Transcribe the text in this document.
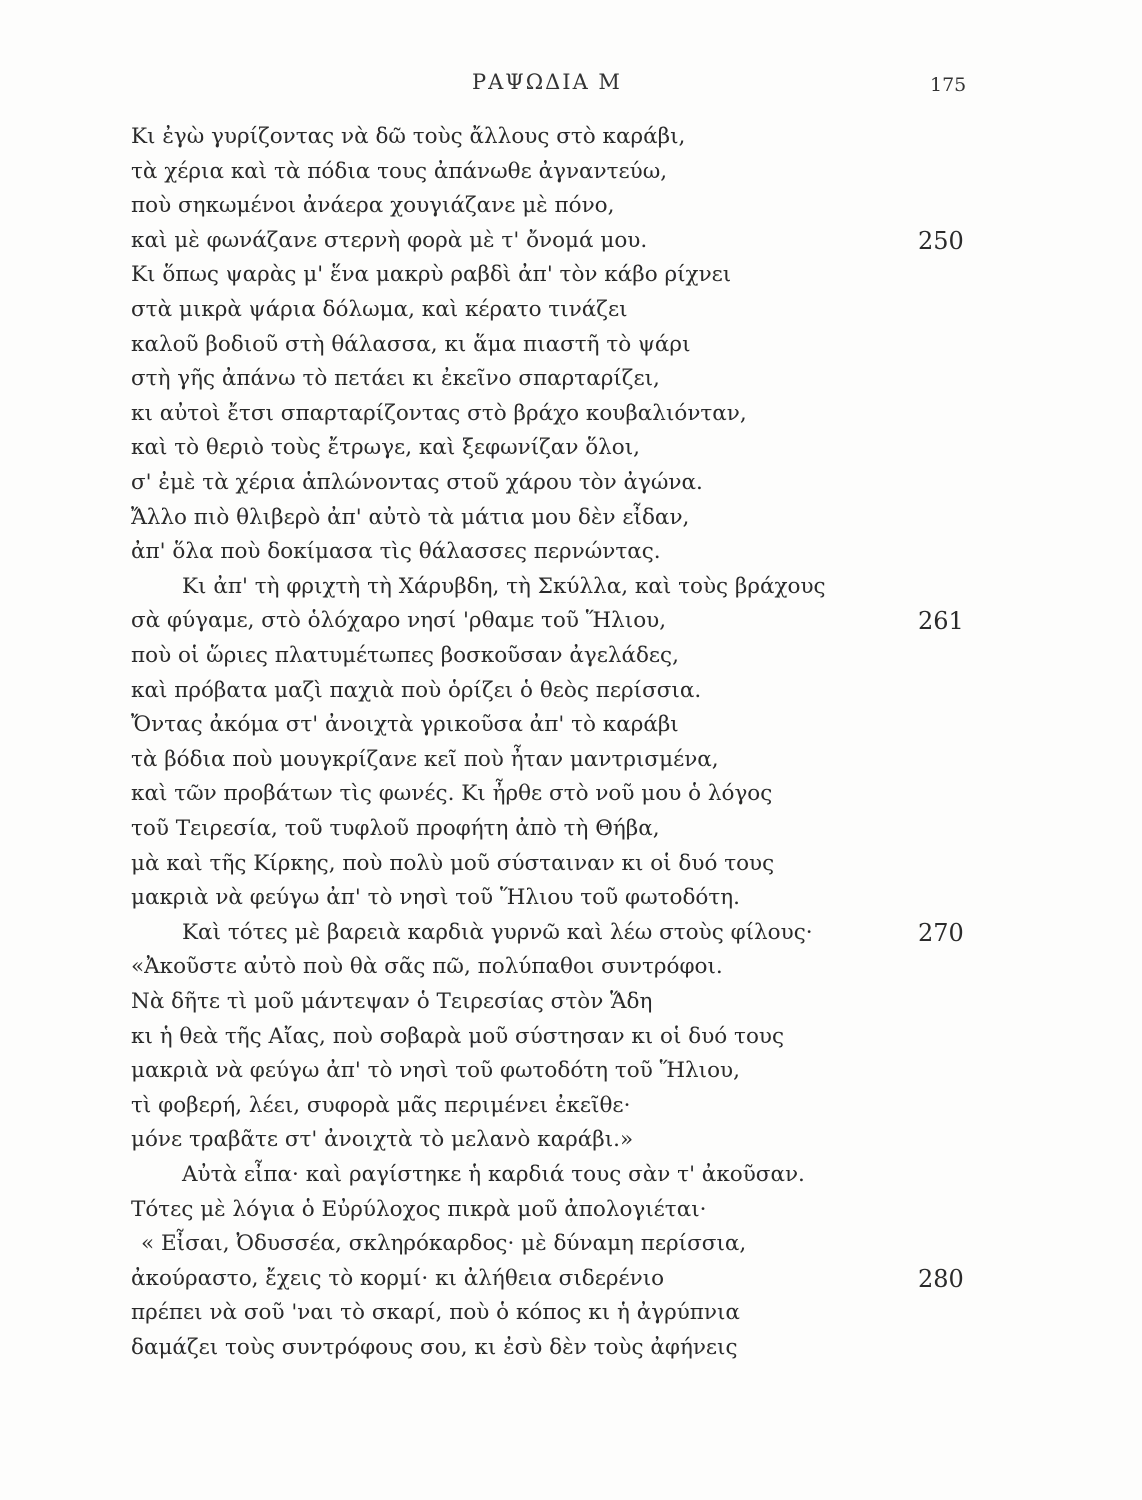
ΡΑΨΩΔΙΑ Μ	175
Κι ἐγὼ γυρίζοντας νὰ δῶ τοὺς ἄλλους στὸ καράβι,
τὰ χέρια καὶ τὰ πόδια τους ἀπάνωθε ἀγναντεύω,
ποὺ σηκωμένοι ἀνάερα χουγιάζανε μὲ πόνο,
καὶ μὲ φωνάζανε στερνὴ φορὰ μὲ τ' ὄνομά μου.	250
Κι ὅπως ψαρὰς μ' ἕνα μακρὺ ραβδὶ ἀπ' τὸν κάβο ρίχνει
στὰ μικρὰ ψάρια δόλωμα, καὶ κέρατο τινάζει
καλοῦ βοδιοῦ στὴ θάλασσα, κι ἅμα πιαστῆ τὸ ψάρι
στὴ γῆς ἀπάνω τὸ πετάει κι ἐκεῖνο σπαρταρίζει,
κι αὐτοὶ ἔτσι σπαρταρίζοντας στὸ βράχο κουβαλιόνταν,
καὶ τὸ θεριὸ τοὺς ἔτρωγε, καὶ ξεφωνίζαν ὅλοι,
σ' ἐμὲ τὰ χέρια ἁπλώνοντας στοῦ χάρου τὸν ἀγώνα.
Ἄλλο πιὸ θλιβερὸ ἀπ' αὐτὸ τὰ μάτια μου δὲν εἶδαν,
ἀπ' ὅλα ποὺ δοκίμασα τὶς θάλασσες περνώντας.
Κι ἀπ' τὴ φριχτὴ τὴ Χάρυβδη, τὴ Σκύλλα, καὶ τοὺς βράχους
σὰ φύγαμε, στὸ ὁλόχαρο νησί 'ρθαμε τοῦ Ἥλιου,	261
ποὺ οἱ ὥριες πλατυμέτωπες βοσκοῦσαν ἀγελάδες,
καὶ πρόβατα μαζὶ παχιὰ ποὺ ὁρίζει ὁ θεὸς περίσσια.
Ὄντας ἀκόμα στ' ἀνοιχτὰ γρικοῦσα ἀπ' τὸ καράβι
τὰ βόδια ποὺ μουγκρίζανε κεῖ ποὺ ἦταν μαντρισμένα,
καὶ τῶν προβάτων τὶς φωνές. Κι ἦρθε στὸ νοῦ μου ὁ λόγος
τοῦ Τειρεσία, τοῦ τυφλοῦ προφήτη ἀπὸ τὴ Θήβα,
μὰ καὶ τῆς Κίρκης, ποὺ πολὺ μοῦ σύσταιναν κι οἱ δυό τους
μακριὰ νὰ φεύγω ἀπ' τὸ νησὶ τοῦ Ἥλιου τοῦ φωτοδότη.
Καὶ τότες μὲ βαρειὰ καρδιὰ γυρνῶ καὶ λέω στοὺς φίλους·	270
«Ἀκοῦστε αὐτὸ ποὺ θὰ σᾶς πῶ, πολύπαθοι συντρόφοι.
Νὰ δῆτε τὶ μοῦ μάντεψαν ὁ Τειρεσίας στὸν Ἅδη
κι ἡ θεὰ τῆς Αἴας, ποὺ σοβαρὰ μοῦ σύστησαν κι οἱ δυό τους
μακριὰ νὰ φεύγω ἀπ' τὸ νησὶ τοῦ φωτοδότη τοῦ Ἥλιου,
τὶ φοβερή, λέει, συφορὰ μᾶς περιμένει ἐκεῖθε·
μόνε τραβᾶτε στ' ἀνοιχτὰ τὸ μελανὸ καράβι.»
Αὐτὰ εἶπα· καὶ ραγίστηκε ἡ καρδιά τους σὰν τ' ἀκοῦσαν.
Τότες μὲ λόγια ὁ Εὐρύλοχος πικρὰ μοῦ ἀπολογιέται·
« Εἶσαι, Ὀδυσσέα, σκληρόκαρδος· μὲ δύναμη περίσσια,
ἀκούραστο, ἔχεις τὸ κορμί· κι ἀλήθεια σιδερένιο	280
πρέπει νὰ σοῦ 'ναι τὸ σκαρί, ποὺ ὁ κόπος κι ἡ ἀγρύπνια
δαμάζει τοὺς συντρόφους σου, κι ἐσὺ δὲν τοὺς ἀφήνεις
